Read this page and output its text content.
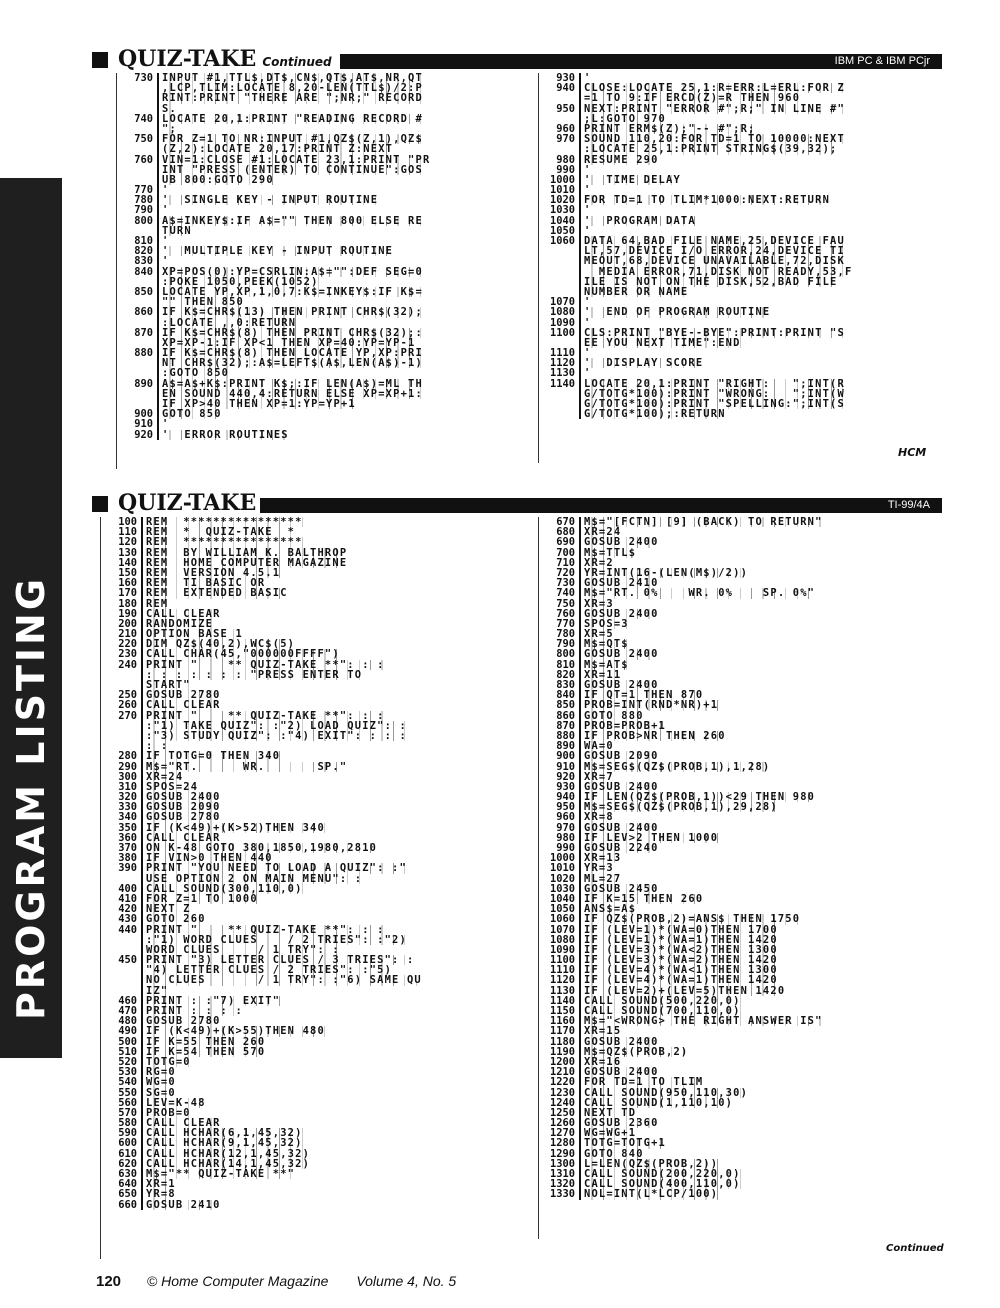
PROGRAM LISTING
QUIZ-TAKE Continued	IBM PC & IBM PCjr
730 INPUT #1,TTL$,DT$,CN$,QT$,AT$,NR,QT
,LCP,TLIM:LOCATE 8,20-LEN(TTL$)/2:P
RINT:PRINT "THERE ARE ";NR;" RECORD
S.
740 LOCATE 20,1:PRINT "READING RECORD #
";
750 FOR Z=1 TO NR:INPUT #1,QZ$(Z,1),QZ$
(Z,2):LOCATE 20,17:PRINT Z:NEXT
760 VIN=1:CLOSE #1:LOCATE 23,1:PRINT "PR
INT "PRESS (ENTER) TO CONTINUE":GOS
UB 800:GOTO 290
770 '
780 '  SINGLE KEY - INPUT ROUTINE
790 '
800 A$=INKEY$:IF A$="" THEN 800 ELSE RE
TURN
810 '
820 '  MULTIPLE KEY - INPUT ROUTINE
830 '
840 XP=POS(0):YP=CSRLIN:A$="":DEF SEG=0
:POKE 1050,PEEK(1052)
850 LOCATE YP,XP,1,0,7:K$=INKEY$:IF K$=
"" THEN 850
860 IF K$=CHR$(13) THEN PRINT CHR$(32);
:LOCATE ,,0:RETURN
870 IF K$=CHR$(8) THEN PRINT CHR$(32);:
XP=XP-1:IF XP<1 THEN XP=40:YP=YP-1
880 IF K$=CHR$(8) THEN LOCATE YP,XP:PRI
NT CHR$(32);:A$=LEFT$(A$,LEN(A$)-1)
:GOTO 850
890 A$=A$+K$:PRINT K$;:IF LEN(A$)=ML TH
EN SOUND 440,4:RETURN ELSE XP=XP+1:
IF XP>40 THEN XP=1:YP=YP+1
900 GOTO 850
910 '
920 '  ERROR ROUTINES
930 '
940 CLOSE:LOCATE 25,1:R=ERR:L=ERL:FOR Z
=1 TO 9:IF ERCD(Z)=R THEN 960
950 NEXT:PRINT "ERROR #";R;" IN LINE #"
;L:GOTO 970
960 PRINT ERM$(Z);"-- #";R;
970 SOUND 110,20:FOR TD=1 TO 10000:NEXT
:LOCATE 25,1:PRINT STRING$(39,32);
980 RESUME 290
990 '
1000 '  TIME DELAY
1010 '
1020 FOR TD=1 TO TLIM*1000:NEXT:RETURN
1030 '
1040 '  PROGRAM DATA
1050 '
1060 DATA 64,BAD FILE NAME,25,DEVICE FAU
LT,57,DEVICE I/O ERROR,24,DEVICE TI
MEOUT,68,DEVICE UNAVAILABLE,72,DISK
MEDIA ERROR,71,DISK NOT READY,53,F
ILE IS NOT ON THE DISK,52,BAD FILE
NUMBER OR NAME
1070 '
1080 '  END OF PROGRAM ROUTINE
1090 '
1100 CLS:PRINT "BYE--BYE":PRINT:PRINT "S
EE YOU NEXT TIME":END
1110 '
1120 '  DISPLAY SCORE
1130 '
1140 LOCATE 20,1:PRINT "RIGHT:   ";INT(R
G/TOTG*100):PRINT "WRONG:   ";INT(W
G/TOTG*100):PRINT "SPELLING:";INT(S
G/TOTG*100);:RETURN
HCM
QUIZ-TAKE	TI-99/4A
100 REM  ****************
110 REM  *  QUIZ-TAKE  *
120 REM  ****************
130 REM  BY WILLIAM K. BALTHROP
140 REM  HOME COMPUTER MAGAZINE
150 REM  VERSION 4.5.1
160 REM  TI BASIC OR
170 REM  EXTENDED BASIC
180 REM
190 CALL CLEAR
200 RANDOMIZE
210 OPTION BASE 1
220 DIM QZ$(40,2),WC$(5)
230 CALL CHAR(45,"000000FFFF")
240 PRINT "    ** QUIZ-TAKE **": : :
: : : : : : : "PRESS ENTER TO
START"
250 GOSUB 2780
260 CALL CLEAR
270 PRINT "    ** QUIZ-TAKE **": : :
:"1) TAKE QUIZ": :"2) LOAD QUIZ": :
:"3) STUDY QUIZ": :"4) EXIT": : : :
: :
280 IF TOTG=0 THEN 340
290 M$="RT.      WR.       SP."
300 XR=24
310 SPOS=24
320 GOSUB 2400
330 GOSUB 2090
340 GOSUB 2780
350 IF (K<49)+(K>52)THEN 340
360 CALL CLEAR
370 ON K-48 GOTO 380,1850,1980,2810
380 IF VIN>0 THEN 440
390 PRINT "YOU NEED TO LOAD A QUIZ": :"
USE OPTION 2 ON MAIN MENU": :
400 CALL SOUND(300,110,0)
410 FOR Z=1 TO 1000
420 NEXT Z
430 GOTO 260
440 PRINT "    ** QUIZ-TAKE **": : :
:"1) WORD CLUES    / 2 TRIES": :"2)
WORD CLUES     / 1 TRY": :
450 PRINT "3) LETTER CLUES / 3 TRIES": :
"4) LETTER CLUES / 2 TRIES": :"5)
NO CLUES       / 1 TRY": :"6) SAME QU
IZ"
460 PRINT : :"7) EXIT"
470 PRINT : : : :
480 GOSUB 2780
490 IF (K<49)+(K>55)THEN 480
500 IF K=55 THEN 260
510 IF K=54 THEN 570
520 TOTG=0
530 RG=0
540 WG=0
550 SG=0
560 LEV=K-48
570 PROB=0
580 CALL CLEAR
590 CALL HCHAR(6,1,45,32)
600 CALL HCHAR(9,1,45,32)
610 CALL HCHAR(12,1,45,32)
620 CALL HCHAR(14,1,45,32)
630 M$="** QUIZ-TAKE **"
640 XR=1
650 YR=8
660 GOSUB 2410
670 M$="[FCTN] [9] (BACK) TO RETURN"
680 XR=24
690 GOSUB 2400
700 M$=TTL$
710 XR=2
720 YR=INT(16-(LEN(M$)/2))
730 GOSUB 2410
740 M$="RT. 0%    WR. 0%    SP. 0%"
750 XR=3
760 GOSUB 2400
770 SPOS=3
780 XR=5
790 M$=QT$
800 GOSUB 2400
810 M$=AT$
820 XR=11
830 GOSUB 2400
840 IF QT=1 THEN 870
850 PROB=INT(RND*NR)+1
860 GOTO 880
870 PROB=PROB+1
880 IF PROB>NR THEN 260
890 WA=0
900 GOSUB 2090
910 M$=SEG$(QZ$(PROB,1),1,28)
920 XR=7
930 GOSUB 2400
940 IF LEN(QZ$(PROB,1))<29 THEN 980
950 M$=SEG$(QZ$(PROB,1),29,28)
960 XR=8
970 GOSUB 2400
980 IF LEV>2 THEN 1000
990 GOSUB 2240
1000 XR=13
1010 YR=3
1020 ML=27
1030 GOSUB 2450
1040 IF K=15 THEN 260
1050 ANS$=A$
1060 IF QZ$(PROB,2)=ANS$ THEN 1750
1070 IF (LEV=1)*(WA=0)THEN 1700
1080 IF (LEV=1)*(WA=1)THEN 1420
1090 IF (LEV=3)*(WA<2)THEN 1300
1100 IF (LEV=3)*(WA=2)THEN 1420
1110 IF (LEV=4)*(WA<1)THEN 1300
1120 IF (LEV=4)*(WA=1)THEN 1420
1130 IF (LEV=2)+(LEV=5)THEN 1420
1140 CALL SOUND(500,220,0)
1150 CALL SOUND(700,110,0)
1160 M$="<WRONG> THE RIGHT ANSWER IS"
1170 XR=15
1180 GOSUB 2400
1190 M$=QZ$(PROB,2)
1200 XR=16
1210 GOSUB 2400
1220 FOR TD=1 TO TLIM
1230 CALL SOUND(950,110,30)
1240 CALL SOUND(1,110,10)
1250 NEXT TD
1260 GOSUB 2360
1270 WG=WG+1
1280 TOTG=TOTG+1
1290 GOTO 840
1300 L=LEN(QZ$(PROB,2))
1310 CALL SOUND(200,220,0)
1320 CALL SOUND(400,110,0)
1330 NOL=INT(L*LCP/100)
Continued
120 © Home Computer Magazine Volume 4, No. 5
